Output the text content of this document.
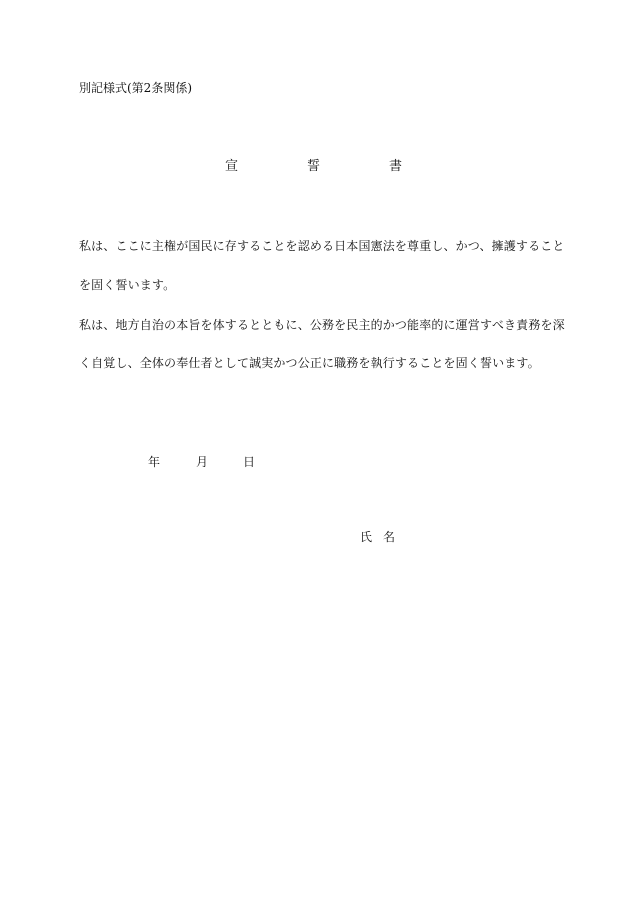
別記様式(第2条関係)
宣	誓	書
私は、ここに主権が国民に存することを認める日本国憲法を尊重し、かつ、擁護すること
を固く誓います。
私は、地方自治の本旨を体するとともに、公務を民主的かつ能率的に運営すべき責務を深
く自覚し、全体の奉仕者として誠実かつ公正に職務を執行することを固く誓います。
年	月	日
氏 名
